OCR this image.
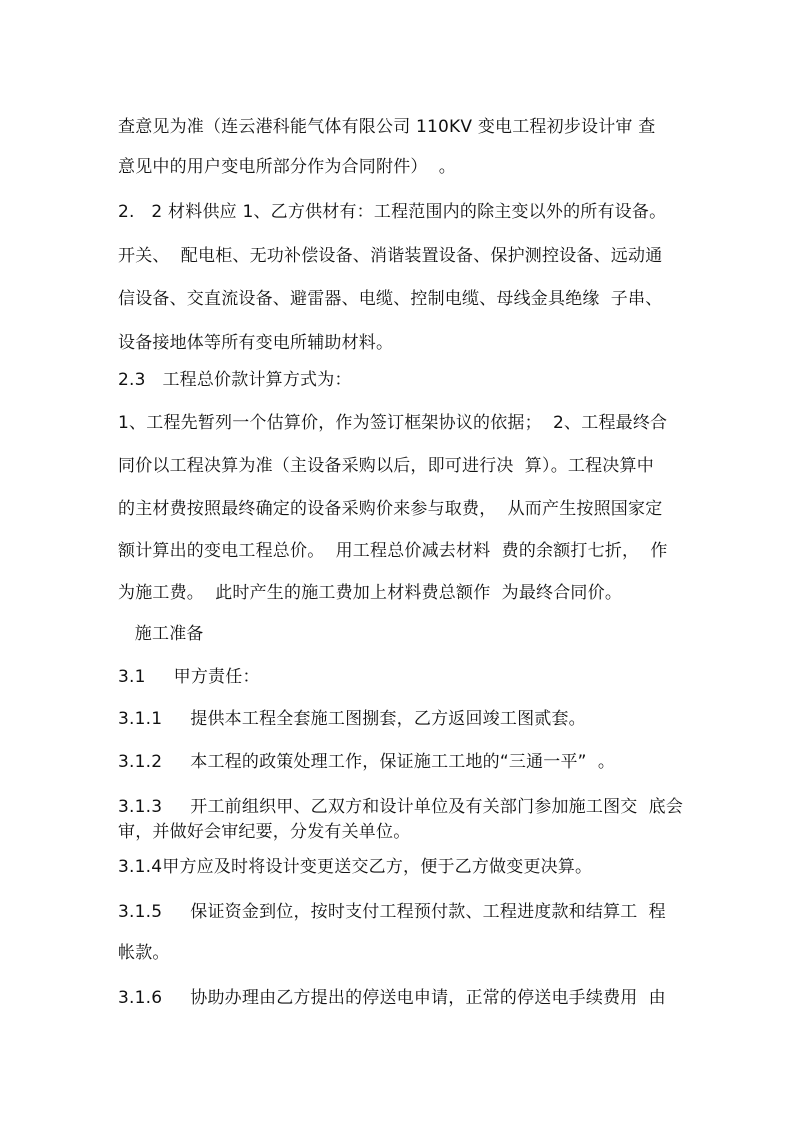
查意见为准（连云港科能气体有限公司 110KV 变电工程初步设计审 查
意见中的用户变电所部分作为合同附件）  。
2.   2 材料供应 1、乙方供材有：工程范围内的除主变以外的所有设备。
开关、  配电柜、无功补偿设备、消谐装置设备、保护测控设备、远动通
信设备、交直流设备、避雷器、电缆、控制电缆、母线金具绝缘  子串、
设备接地体等所有变电所辅助材料。
2.3   工程总价款计算方式为：
1、工程先暂列一个估算价，作为签订框架协议的依据；  2、工程最终合
同价以工程决算为准（主设备采购以后，即可进行决  算）。工程决算中
的主材费按照最终确定的设备采购价来参与取费，  从而产生按照国家定
额计算出的变电工程总价。  用工程总价减去材料  费的余额打七折，  作
为施工费。  此时产生的施工费加上材料费总额作  为最终合同价。
施工准备
3.1     甲方责任：
3.1.1     提供本工程全套施工图捌套，乙方返回竣工图贰套。
3.1.2     本工程的政策处理工作，保证施工工地的“三通一平”  。
3.1.3     开工前组织甲、乙双方和设计单位及有关部门参加施工图交  底会
审，并做好会审纪要，分发有关单位。
3.1.4甲方应及时将设计变更送交乙方，便于乙方做变更决算。
3.1.5     保证资金到位，按时支付工程预付款、工程进度款和结算工  程
帐款。
3.1.6     协助办理由乙方提出的停送电申请，正常的停送电手续费用  由
